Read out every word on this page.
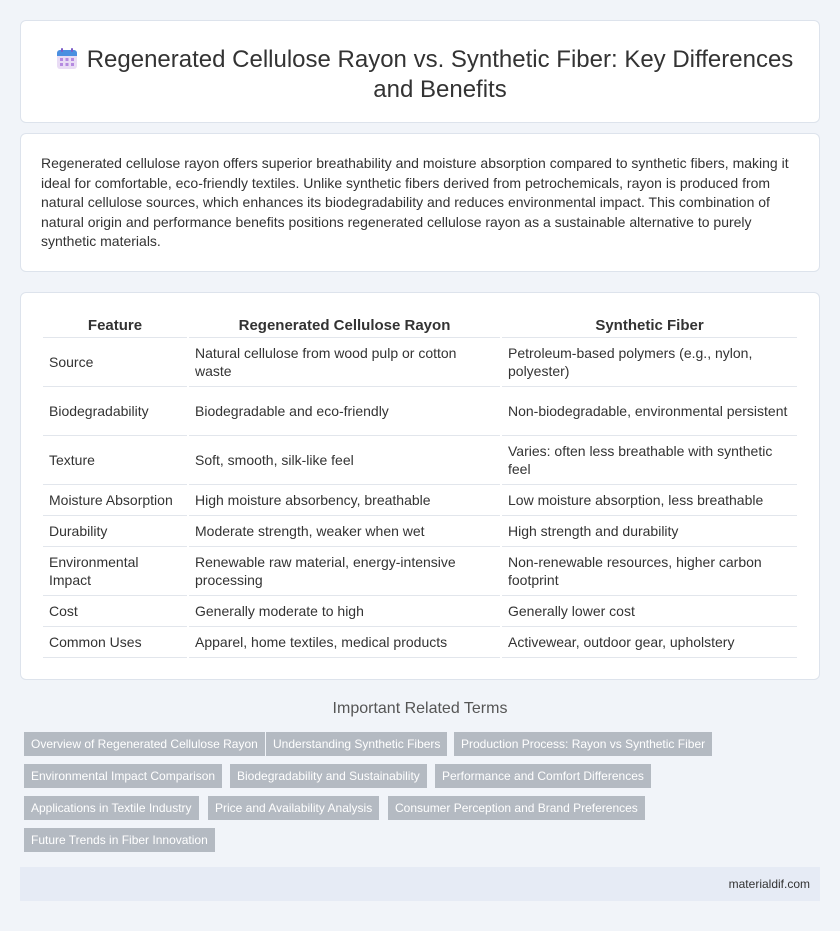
Regenerated Cellulose Rayon vs. Synthetic Fiber: Key Differences and Benefits

Regenerated cellulose rayon offers superior breathability and moisture absorption compared to synthetic fibers, making it ideal for comfortable, eco-friendly textiles. Unlike synthetic fibers derived from petrochemicals, rayon is produced from natural cellulose sources, which enhances its biodegradability and reduces environmental impact. This combination of natural origin and performance benefits positions regenerated cellulose rayon as a sustainable alternative to purely synthetic materials.

Feature	Regenerated Cellulose Rayon	Synthetic Fiber
Source	Natural cellulose from wood pulp or cotton waste	Petroleum-based polymers (e.g., nylon, polyester)
Biodegradability	Biodegradable and eco-friendly	Non-biodegradable, environmental persistent
Texture	Soft, smooth, silk-like feel	Varies: often less breathable with synthetic feel
Moisture Absorption	High moisture absorbency, breathable	Low moisture absorption, less breathable
Durability	Moderate strength, weaker when wet	High strength and durability
Environmental Impact	Renewable raw material, energy-intensive processing	Non-renewable resources, higher carbon footprint
Cost	Generally moderate to high	Generally lower cost
Common Uses	Apparel, home textiles, medical products	Activewear, outdoor gear, upholstery
Important Related Terms
Overview of Regenerated Cellulose Rayon	Understanding Synthetic Fibers	Production Process: Rayon vs Synthetic Fiber
Environmental Impact Comparison	Biodegradability and Sustainability	Performance and Comfort Differences
Applications in Textile Industry	Price and Availability Analysis	Consumer Perception and Brand Preferences
Future Trends in Fiber Innovation
materialdif.com
